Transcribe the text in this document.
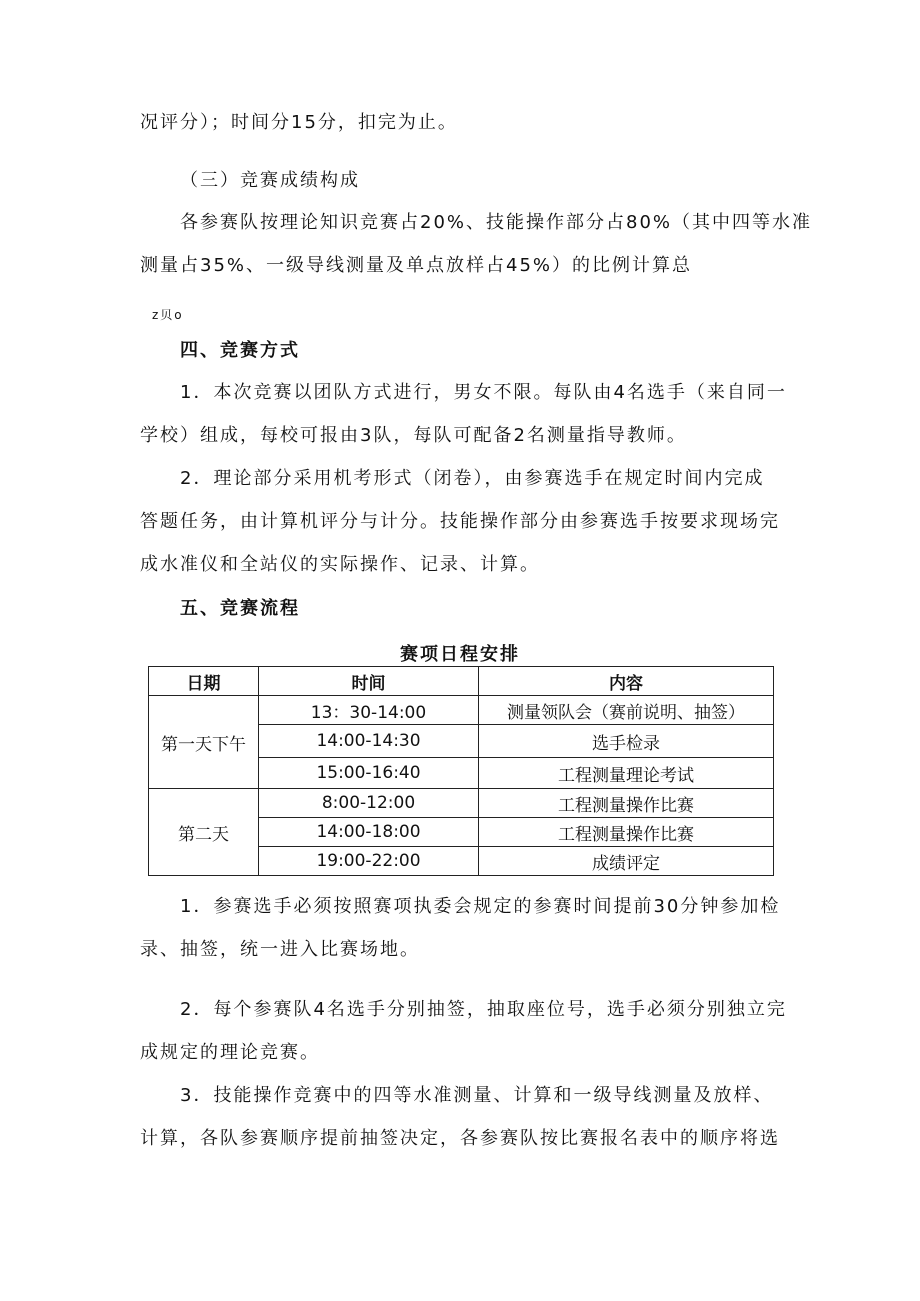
况评分）；时间分15分，扣完为止。
（三）竞赛成绩构成
各参赛队按理论知识竞赛占20%、技能操作部分占80%（其中四等水准
测量占35%、一级导线测量及单点放样占45%）的比例计算总
z贝o
四、竞赛方式
1．本次竞赛以团队方式进行，男女不限。每队由4名选手（来自同一
学校）组成，每校可报由3队，每队可配备2名测量指导教师。
2．理论部分采用机考形式（闭卷），由参赛选手在规定时间内完成
答题任务，由计算机评分与计分。技能操作部分由参赛选手按要求现场完
成水准仪和全站仪的实际操作、记录、计算。
五、竞赛流程
赛项日程安排
日期	时间	内容
第一天下午	13：30-14:00	测量领队会（赛前说明、抽签）
	14:00-14:30	选手检录
	15:00-16:40	工程测量理论考试
第二天	8:00-12:00	工程测量操作比赛
	14:00-18:00	工程测量操作比赛
	19:00-22:00	成绩评定
1．参赛选手必须按照赛项执委会规定的参赛时间提前30分钟参加检
录、抽签，统一进入比赛场地。
2．每个参赛队4名选手分别抽签，抽取座位号，选手必须分别独立完
成规定的理论竞赛。
3．技能操作竞赛中的四等水准测量、计算和一级导线测量及放样、
计算，各队参赛顺序提前抽签决定，各参赛队按比赛报名表中的顺序将选
